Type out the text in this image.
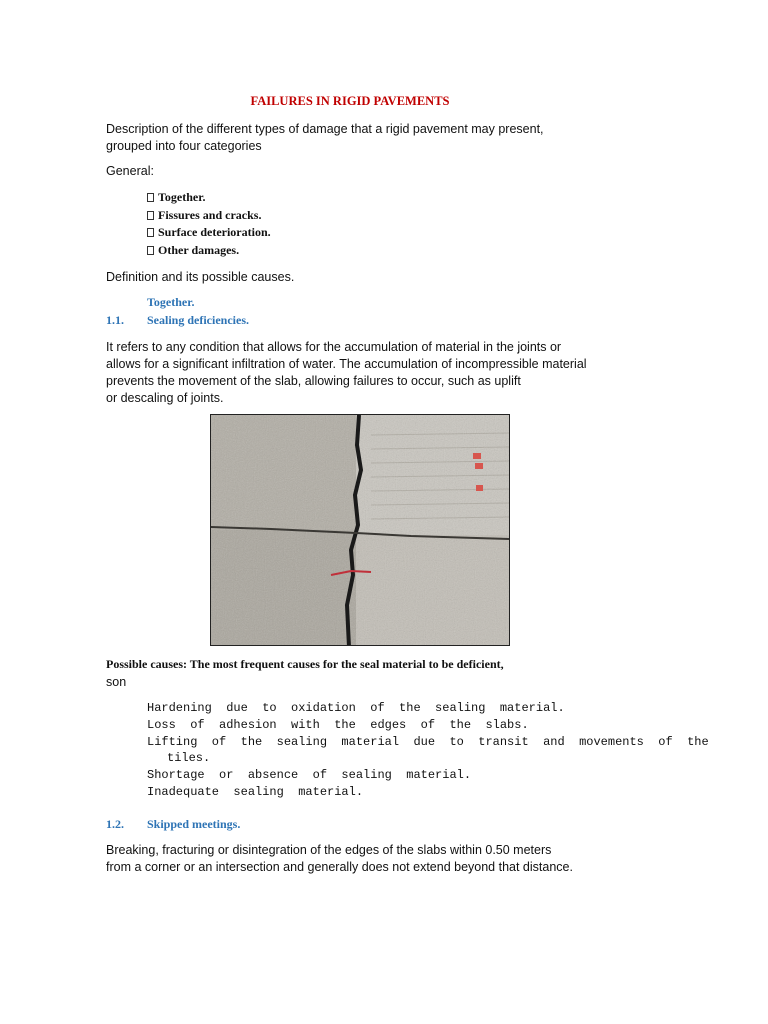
FAILURES IN RIGID PAVEMENTS
Description of the different types of damage that a rigid pavement may present,
grouped into four categories
General:
Together.
Fissures and cracks.
Surface deterioration.
Other damages.
Definition and its possible causes.
Together.
1.1. Sealing deficiencies.
It refers to any condition that allows for the accumulation of material in the joints or
allows for a significant infiltration of water. The accumulation of incompressible material
prevents the movement of the slab, allowing failures to occur, such as uplift
or descaling of joints.
Possible causes: The most frequent causes for the seal material to be deficient,
son
Hardening  due  to  oxidation  of  the  sealing  material.
Loss  of  adhesion  with  the  edges  of  the  slabs.
Lifting  of  the  sealing  material  due  to  transit  and  movements  of  the
tiles.
Shortage  or  absence  of  sealing  material.
Inadequate  sealing  material.
1.2. Skipped meetings.
Breaking, fracturing or disintegration of the edges of the slabs within 0.50 meters
from a corner or an intersection and generally does not extend beyond that distance.
